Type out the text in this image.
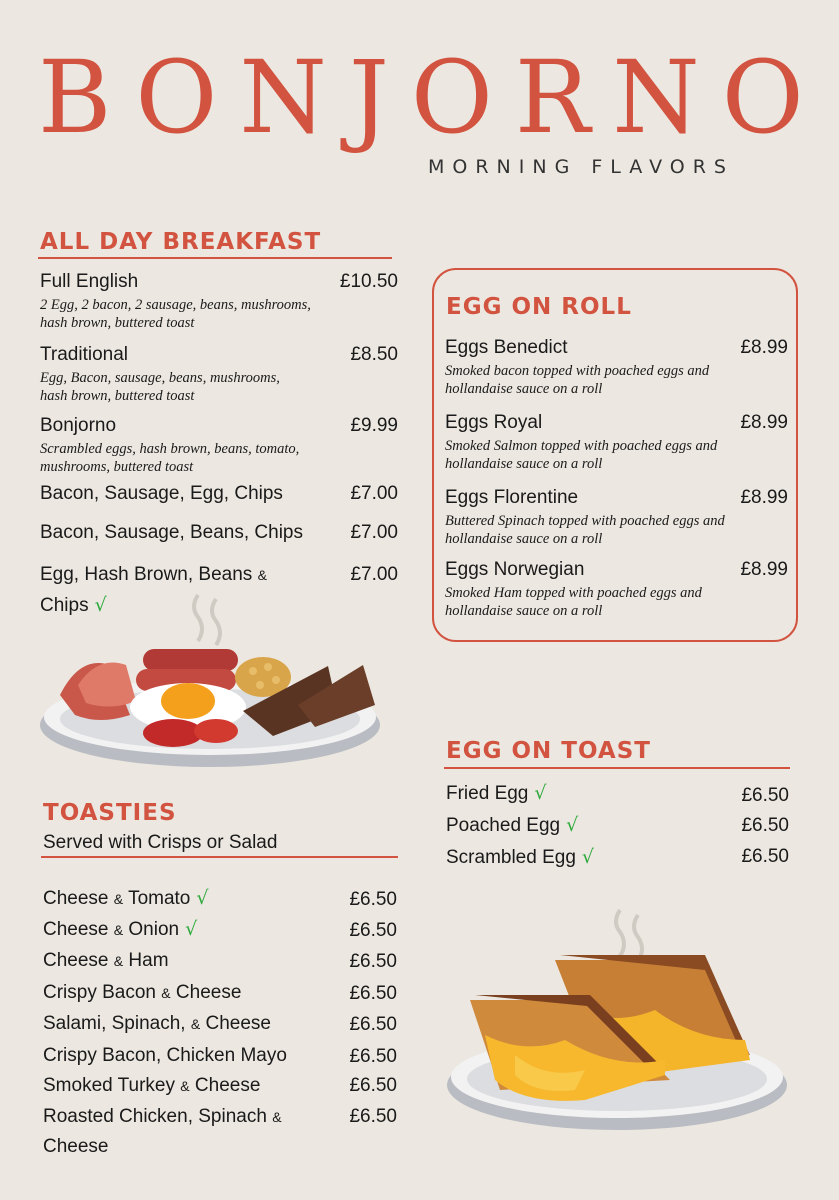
BONJORNO
MORNING FLAVORS
ALL DAY BREAKFAST
Full English	£10.50
2 Egg, 2 bacon, 2 sausage, beans, mushrooms,
hash brown, buttered toast
Traditional	£8.50
Egg, Bacon, sausage, beans, mushrooms,
hash brown, buttered toast
Bonjorno	£9.99
Scrambled eggs, hash brown, beans, tomato,
mushrooms, buttered toast
Bacon, Sausage, Egg, Chips	£7.00
Bacon, Sausage, Beans, Chips £7.00
Egg, Hash Brown, Beans &
Chips √
£7.00
EGG ON ROLL
Eggs Benedict	£8.99
Smoked bacon topped with poached eggs and
hollandaise sauce on a roll
Eggs Royal	£8.99
Smoked Salmon topped with poached eggs and
hollandaise sauce on a roll
Eggs Florentine	£8.99
Buttered Spinach topped with poached eggs and
hollandaise sauce on a roll
Eggs Norwegian	£8.99
Smoked Ham topped with poached eggs and
hollandaise sauce on a roll
EGG ON TOAST
Fried Egg √	£6.50
Poached Egg √	£6.50
Scrambled Egg √	£6.50
TOASTIES
Served with Crisps or Salad
Cheese & Tomato √	£6.50
Cheese & Onion √	£6.50
Cheese & Ham	£6.50
Crispy Bacon & Cheese	£6.50
Salami, Spinach, & Cheese	£6.50
Crispy Bacon, Chicken Mayo	£6.50
Smoked Turkey & Cheese	£6.50
Roasted Chicken, Spinach &
Cheese
£6.50
